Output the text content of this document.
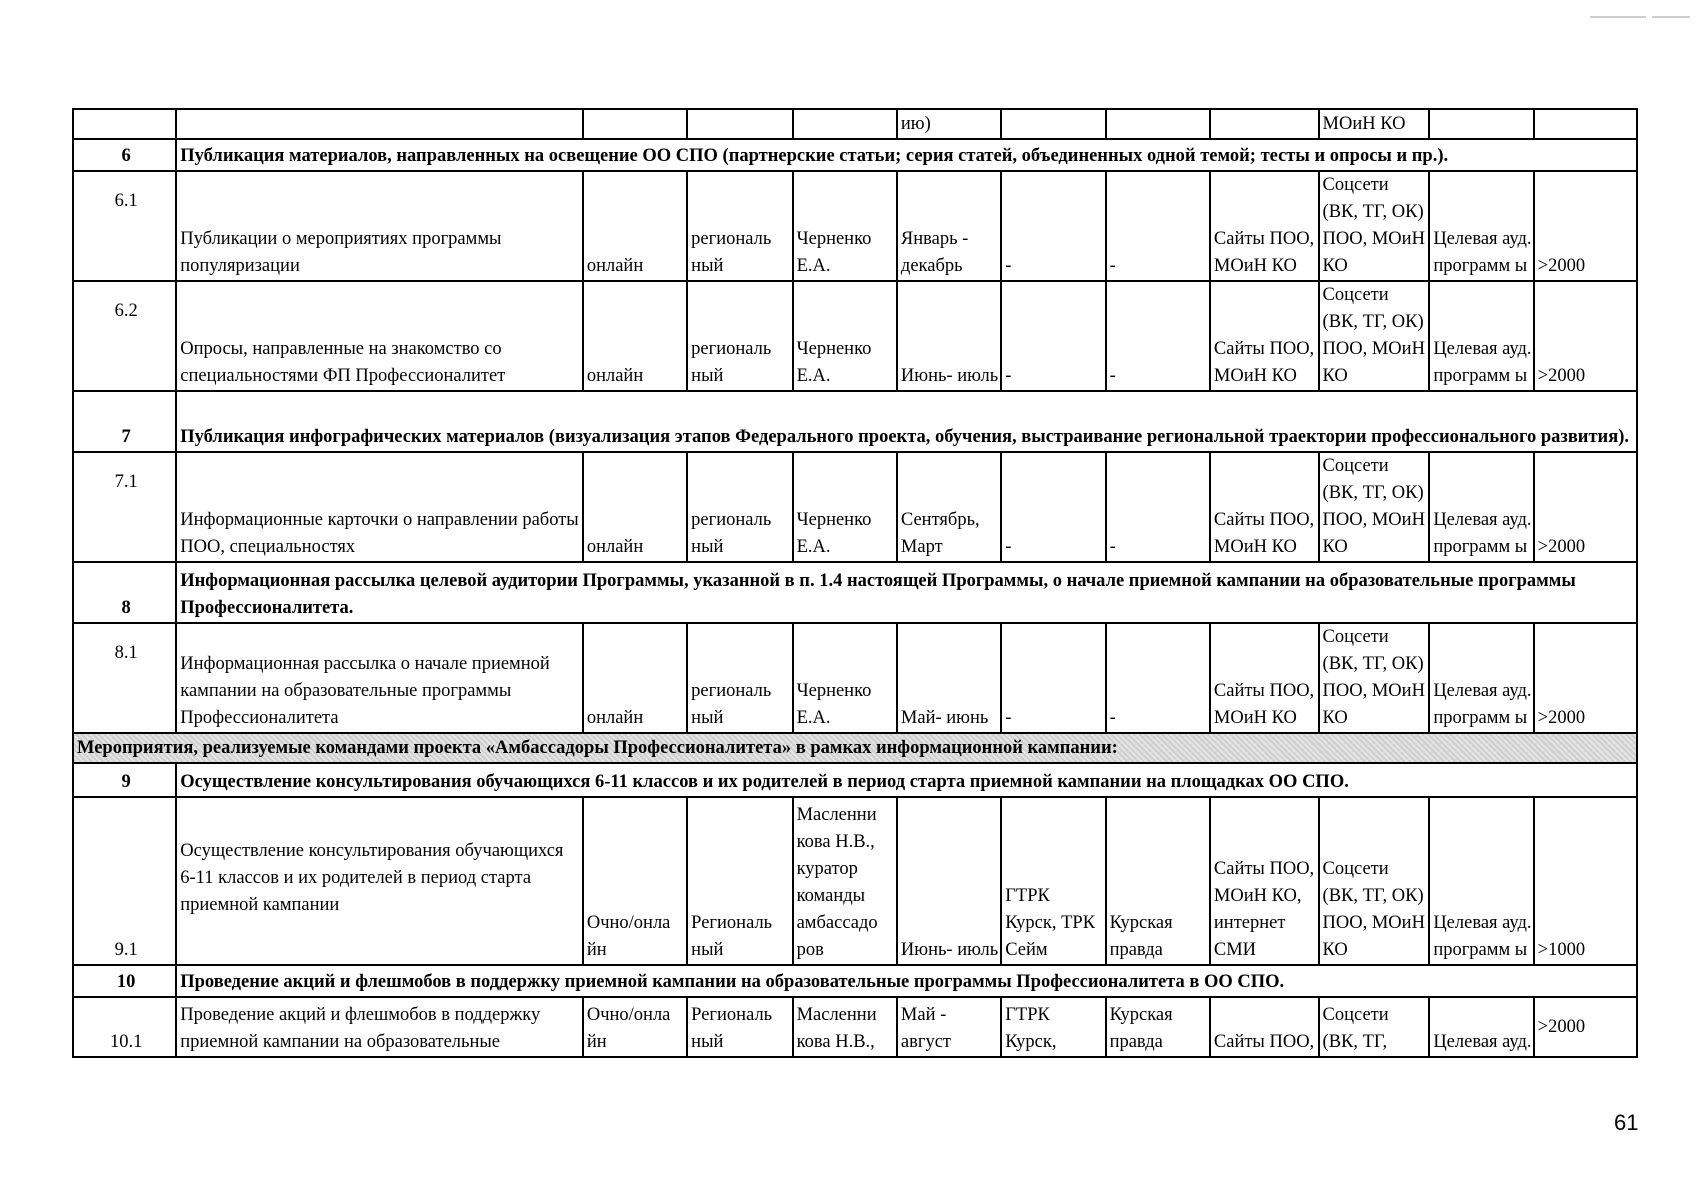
					ию)				МОиН КО		
6	Публикация материалов, направленных на освещение ОО СПО (партнерские статьи; серия статей, объединенных одной темой; тесты и опросы и пр.).										
6.1	Публикации о мероприятиях программы популяризации	онлайн	региональ ный	Черненко Е.А.	Январь - декабрь	-	-	Сайты ПОО, МОиН КО	Соцсети (ВК, ТГ, ОК) ПОО, МОиН КО	Целевая ауд. программ ы	>2000
6.2	Опросы, направленные на знакомство со специальностями ФП Профессионалитет	онлайн	региональ ный	Черненко Е.А.	Июнь- июль	-	-	Сайты ПОО, МОиН КО	Соцсети (ВК, ТГ, ОК) ПОО, МОиН КО	Целевая ауд. программ ы	>2000
7	Публикация инфографических материалов (визуализация этапов Федерального проекта, обучения, выстраивание региональной траектории профессионального развития).										
7.1	Информационные карточки о направлении работы ПОО, специальностях	онлайн	региональ ный	Черненко Е.А.	Сентябрь, Март	-	-	Сайты ПОО, МОиН КО	Соцсети (ВК, ТГ, ОК) ПОО, МОиН КО	Целевая ауд. программ ы	>2000
8	Информационная рассылка целевой аудитории Программы, указанной в п. 1.4 настоящей Программы, о начале приемной кампании на образовательные программы Профессионалитета.										
8.1	Информационная рассылка о начале приемной кампании на образовательные программы Профессионалитета	онлайн	региональ ный	Черненко Е.А.	Май- июнь	-	-	Сайты ПОО, МОиН КО	Соцсети (ВК, ТГ, ОК) ПОО, МОиН КО	Целевая ауд. программ ы	>2000
Мероприятия, реализуемые командами проекта «Амбассадоры Профессионалитета» в рамках информационной кампании:											
9	Осуществление консультирования обучающихся 6-11 классов и их родителей в период старта приемной кампании на площадках ОО СПО.										
9.1	Осуществление консультирования обучающихся 6-11 классов и их родителей в период старта приемной кампании	Очно/онла йн	Региональ ный	Масленни кова Н.В., куратор команды амбассадо ров	Июнь- июль	ГТРК Курск, ТРК Сейм	Курская правда	Сайты ПОО, МОиН КО, интернет СМИ	Соцсети (ВК, ТГ, ОК) ПОО, МОиН КО	Целевая ауд. программ ы	>1000
10	Проведение акций и флешмобов в поддержку приемной кампании на образовательные программы Профессионалитета в ОО СПО.										
10.1	Проведение акций и флешмобов в поддержку приемной кампании на образовательные	Очно/онла йн	Региональ ный	Масленни кова Н.В.,	Май - август	ГТРК Курск,	Курская правда	Сайты ПОО,	Соцсети (ВК, ТГ,	Целевая ауд.	>2000
61
